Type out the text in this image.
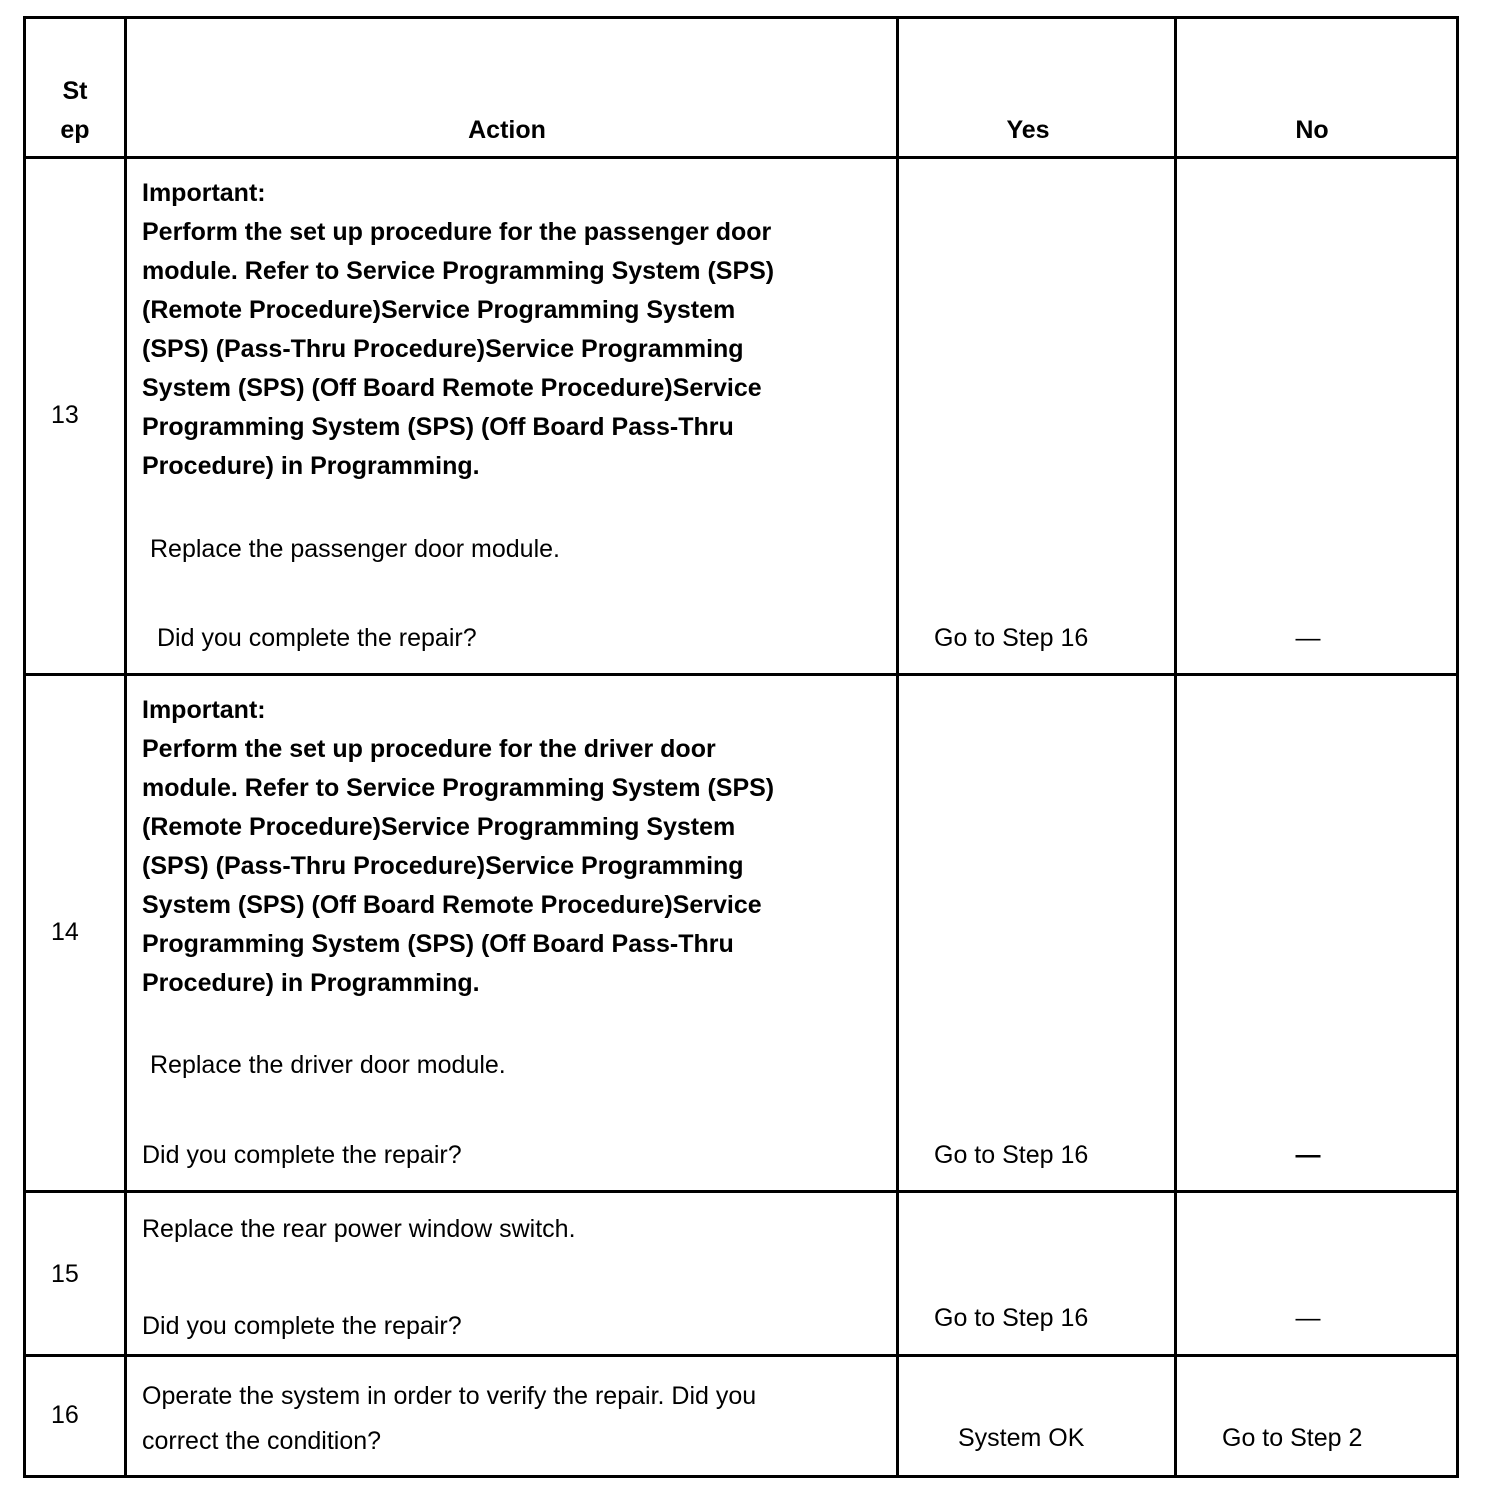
St
ep	Action	Yes	No
13
Important:
Perform the set up procedure for the passenger door
module. Refer to Service Programming System (SPS)
(Remote Procedure)Service Programming System
(SPS) (Pass-Thru Procedure)Service Programming
System (SPS) (Off Board Remote Procedure)Service
Programming System (SPS) (Off Board Pass-Thru
Procedure) in Programming.
Replace the passenger door module.
Did you complete the repair?	Go to Step 16	—
14
Important:
Perform the set up procedure for the driver door
module. Refer to Service Programming System (SPS)
(Remote Procedure)Service Programming System
(SPS) (Pass-Thru Procedure)Service Programming
System (SPS) (Off Board Remote Procedure)Service
Programming System (SPS) (Off Board Pass-Thru
Procedure) in Programming.
Replace the driver door module.
Did you complete the repair?	Go to Step 16	—
15
Replace the rear power window switch.
Did you complete the repair?	Go to Step 16	—
16
Operate the system in order to verify the repair. Did you
correct the condition?	System OK	Go to Step 2
